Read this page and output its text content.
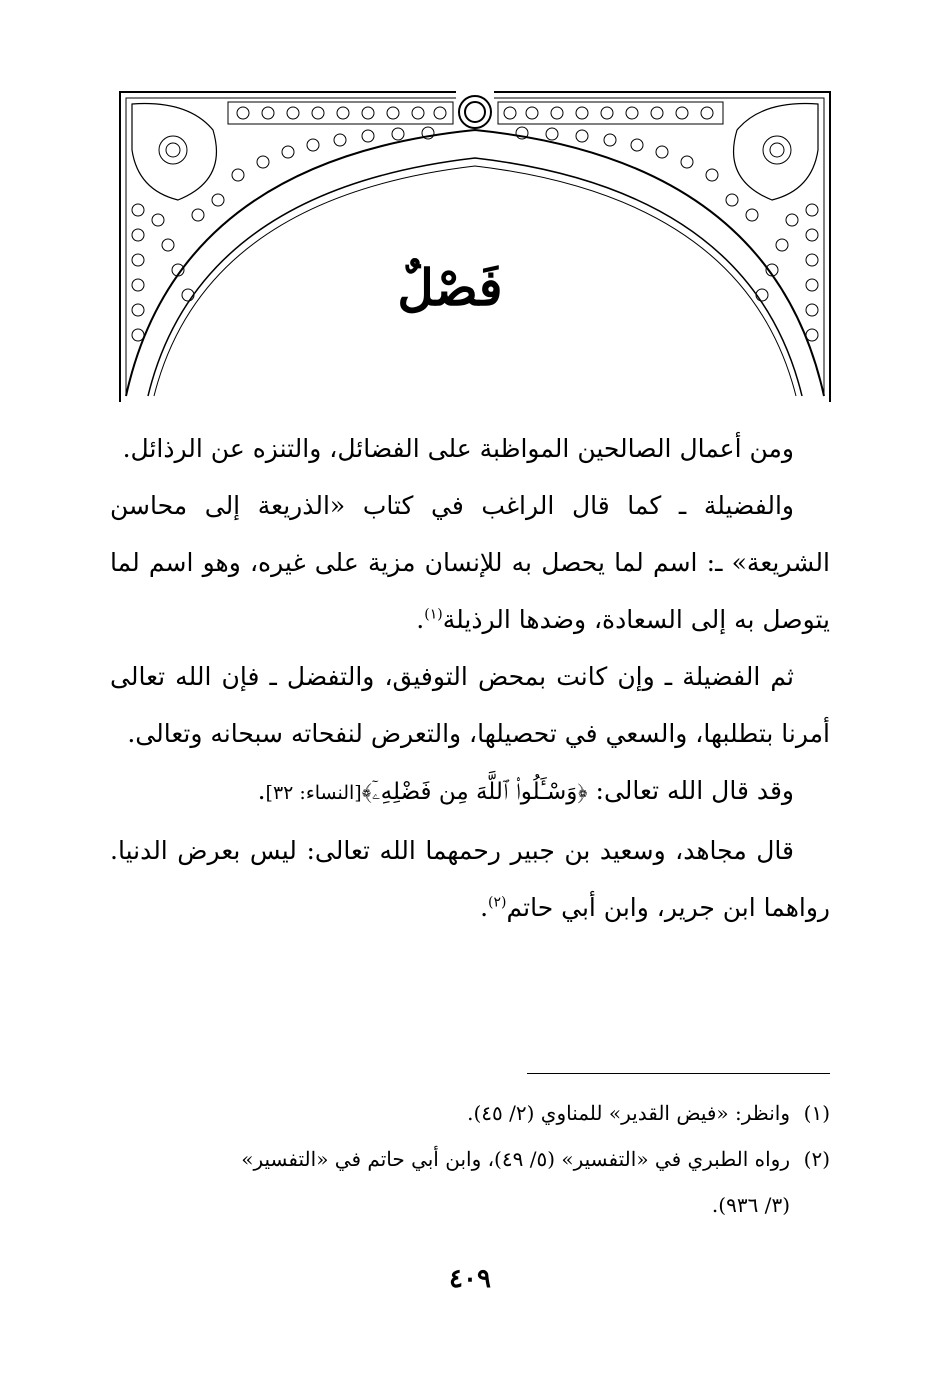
فَصْلٌ

ومن أعمال الصالحين المواظبة على الفضائل، والتنزه عن الرذائل.

والفضيلة ـ كما قال الراغب في كتاب «الذريعة إلى محاسن الشريعة» ـ: اسم لما يحصل به للإنسان مزية على غيره، وهو اسم لما يتوصل به إلى السعادة، وضدها الرذيلة$^{(١)}$.

ثم الفضيلة ـ وإن كانت بمحض التوفيق، والتفضل ـ فإن الله تعالى أمرنا بتطلبها، والسعي في تحصيلها، والتعرض لنفحاته سبحانه وتعالى.

وقد قال الله تعالى: ﴿وَسْـَٔلُوا۟ ٱللَّهَ مِن فَضْلِهِۦٓ﴾[النساء: ٣٢].

قال مجاهد، وسعيد بن جبير رحمهما الله تعالى: ليس بعرض الدنيا. رواهما ابن جرير، وابن أبي حاتم$^{(٢)}$.

(١)وانظر: «فيض القدير» للمناوي (٢/ ٤٥).

(٢)رواه الطبري في «التفسير» (٥/ ٤٩)، وابن أبي حاتم في «التفسير»

(٣/ ٩٣٦).

٤٠٩
